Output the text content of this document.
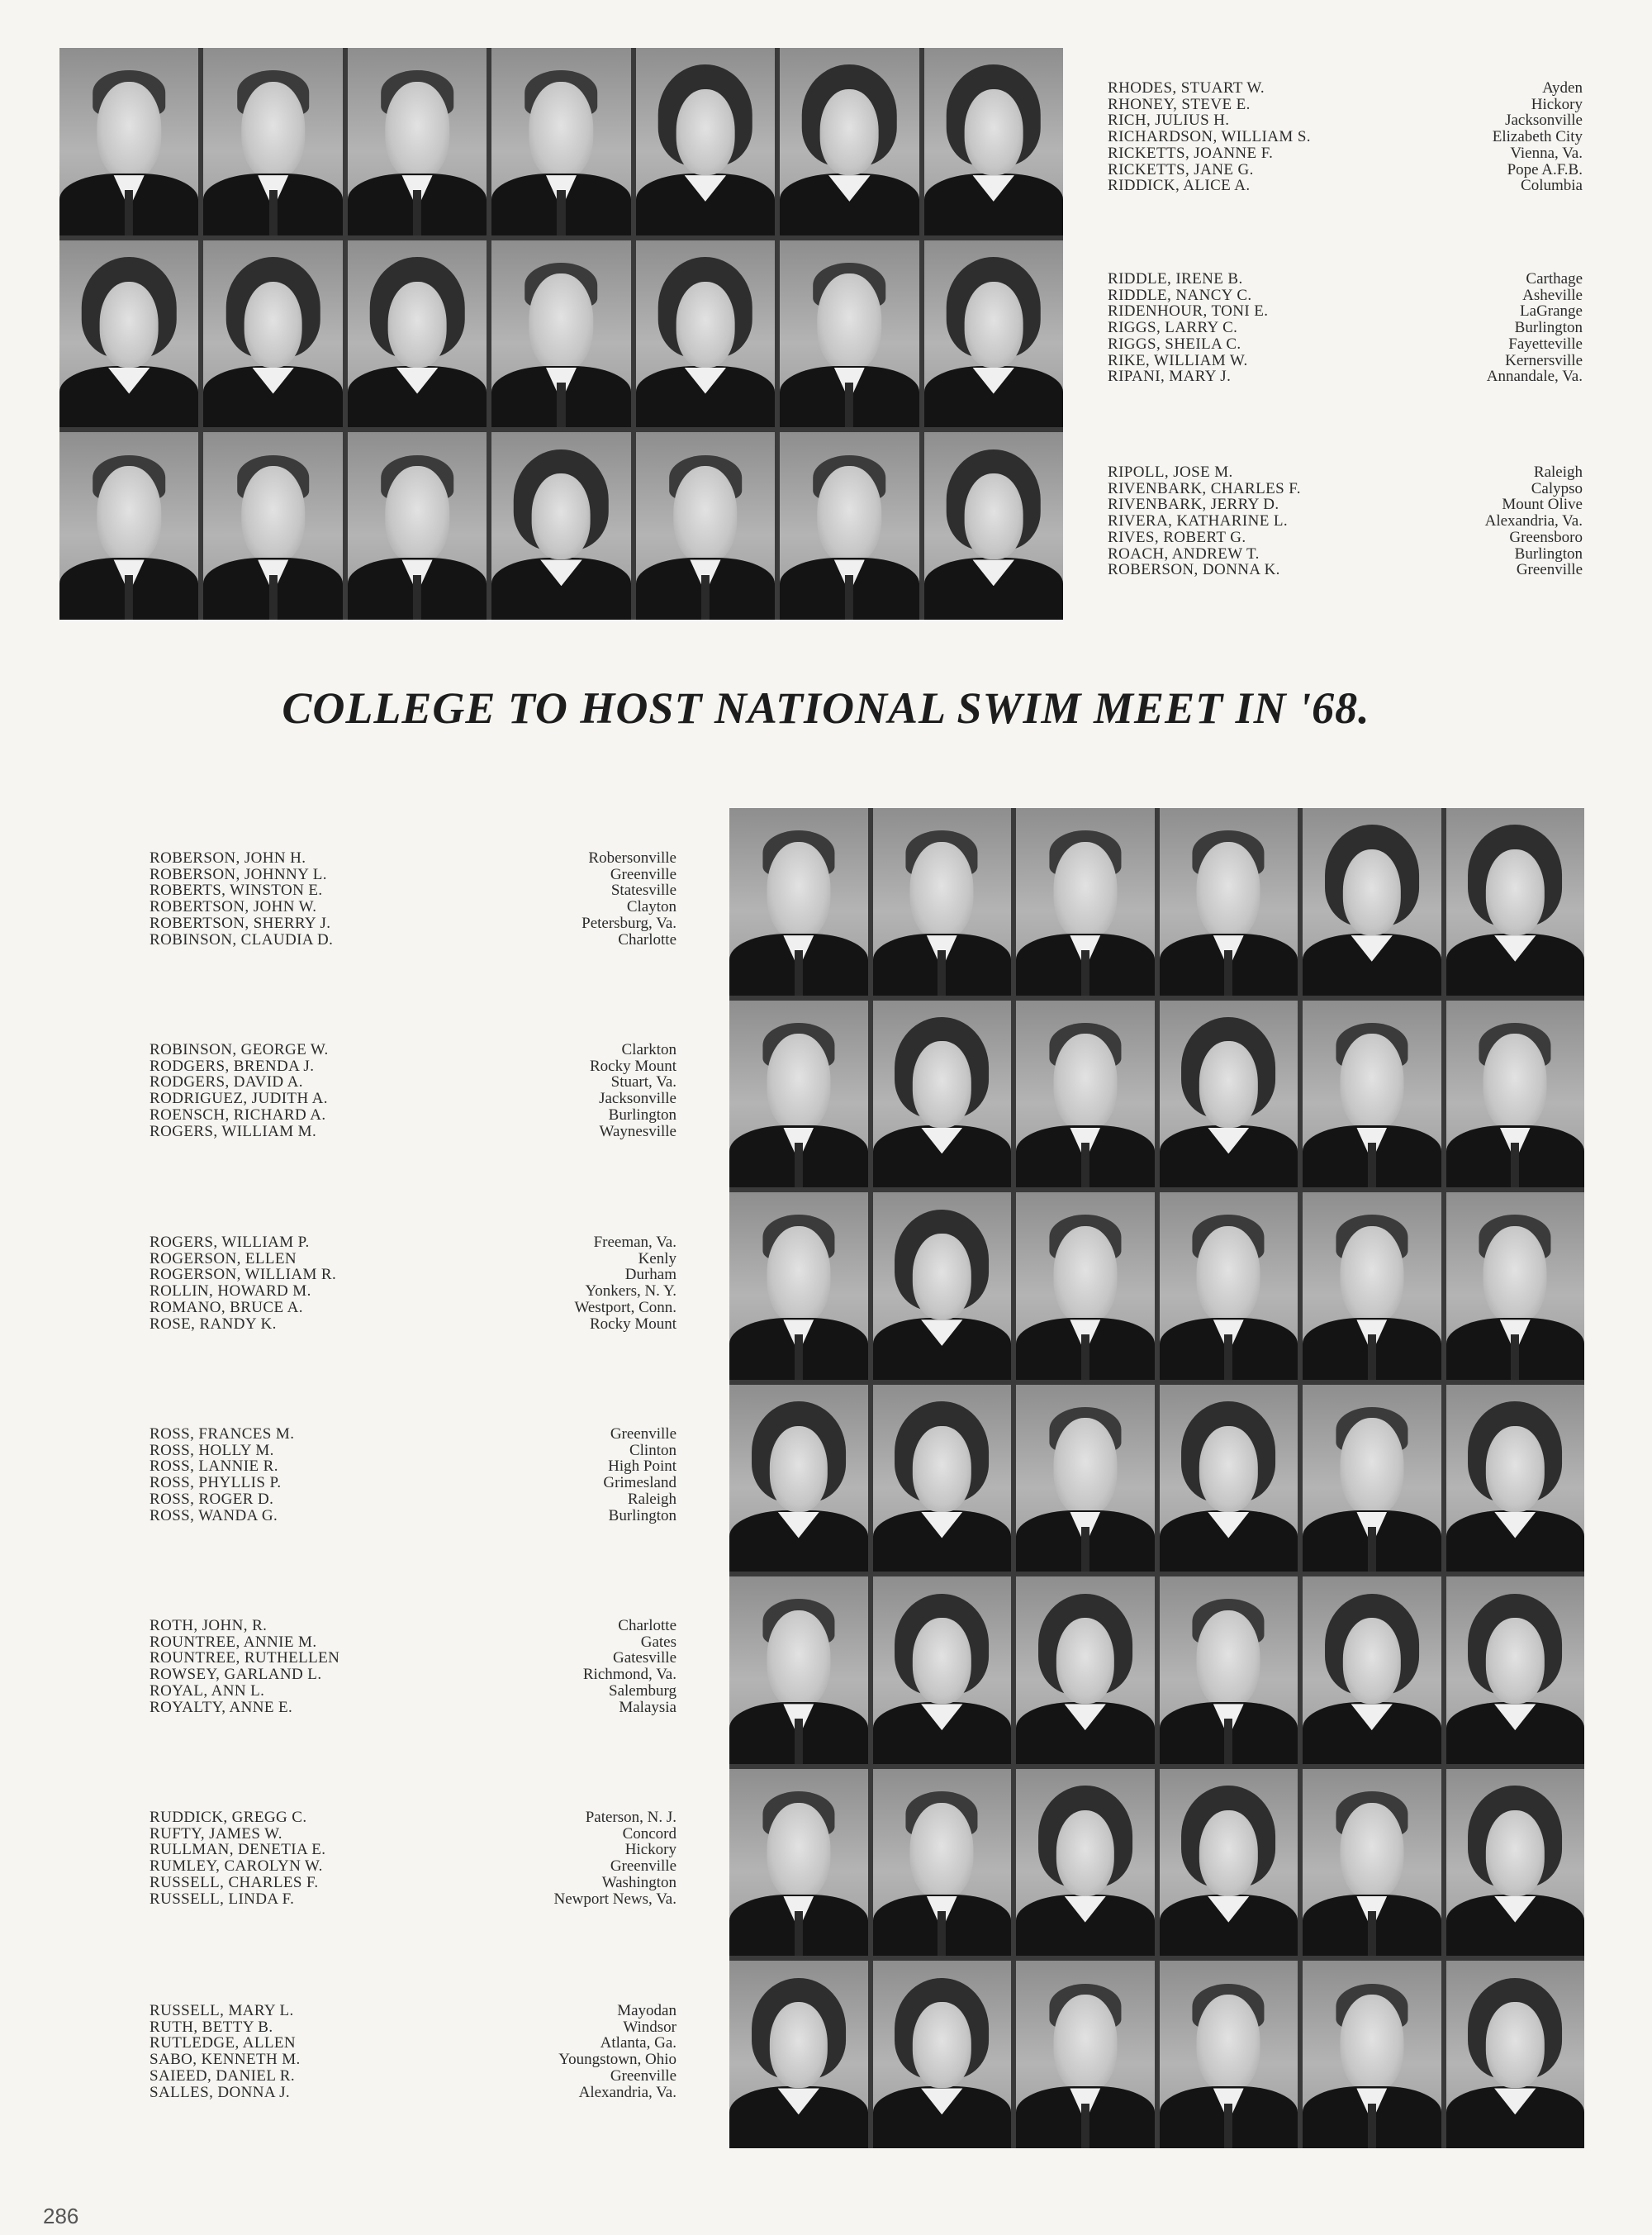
RHODES, STUART W.
RHONEY, STEVE E.
RICH, JULIUS H.
RICHARDSON, WILLIAM S.
RICKETTS, JOANNE F.
RICKETTS, JANE G.
RIDDICK, ALICE A.
Ayden
Hickory
Jacksonville
Elizabeth City
Vienna, Va.
Pope A.F.B.
Columbia
RIDDLE, IRENE B.
RIDDLE, NANCY C.
RIDENHOUR, TONI E.
RIGGS, LARRY C.
RIGGS, SHEILA C.
RIKE, WILLIAM W.
RIPANI, MARY J.
Carthage
Asheville
LaGrange
Burlington
Fayetteville
Kernersville
Annandale, Va.
RIPOLL, JOSE M.
RIVENBARK, CHARLES F.
RIVENBARK, JERRY D.
RIVERA, KATHARINE L.
RIVES, ROBERT G.
ROACH, ANDREW T.
ROBERSON, DONNA K.
Raleigh
Calypso
Mount Olive
Alexandria, Va.
Greensboro
Burlington
Greenville
COLLEGE TO HOST NATIONAL SWIM MEET IN '68.
ROBERSON, JOHN H.
ROBERSON, JOHNNY L.
ROBERTS, WINSTON E.
ROBERTSON, JOHN W.
ROBERTSON, SHERRY J.
ROBINSON, CLAUDIA D.
Robersonville
Greenville
Statesville
Clayton
Petersburg, Va.
Charlotte
ROBINSON, GEORGE W.
RODGERS, BRENDA J.
RODGERS, DAVID A.
RODRIGUEZ, JUDITH A.
ROENSCH, RICHARD A.
ROGERS, WILLIAM M.
Clarkton
Rocky Mount
Stuart, Va.
Jacksonville
Burlington
Waynesville
ROGERS, WILLIAM P.
ROGERSON, ELLEN
ROGERSON, WILLIAM R.
ROLLIN, HOWARD M.
ROMANO, BRUCE A.
ROSE, RANDY K.
Freeman, Va.
Kenly
Durham
Yonkers, N. Y.
Westport, Conn.
Rocky Mount
ROSS, FRANCES M.
ROSS, HOLLY M.
ROSS, LANNIE R.
ROSS, PHYLLIS P.
ROSS, ROGER D.
ROSS, WANDA G.
Greenville
Clinton
High Point
Grimesland
Raleigh
Burlington
ROTH, JOHN, R.
ROUNTREE, ANNIE M.
ROUNTREE, RUTHELLEN
ROWSEY, GARLAND L.
ROYAL, ANN L.
ROYALTY, ANNE E.
Charlotte
Gates
Gatesville
Richmond, Va.
Salemburg
Malaysia
RUDDICK, GREGG C.
RUFTY, JAMES W.
RULLMAN, DENETIA E.
RUMLEY, CAROLYN W.
RUSSELL, CHARLES F.
RUSSELL, LINDA F.
Paterson, N. J.
Concord
Hickory
Greenville
Washington
Newport News, Va.
RUSSELL, MARY L.
RUTH, BETTY B.
RUTLEDGE, ALLEN
SABO, KENNETH M.
SAIEED, DANIEL R.
SALLES, DONNA J.
Mayodan
Windsor
Atlanta, Ga.
Youngstown, Ohio
Greenville
Alexandria, Va.
286
